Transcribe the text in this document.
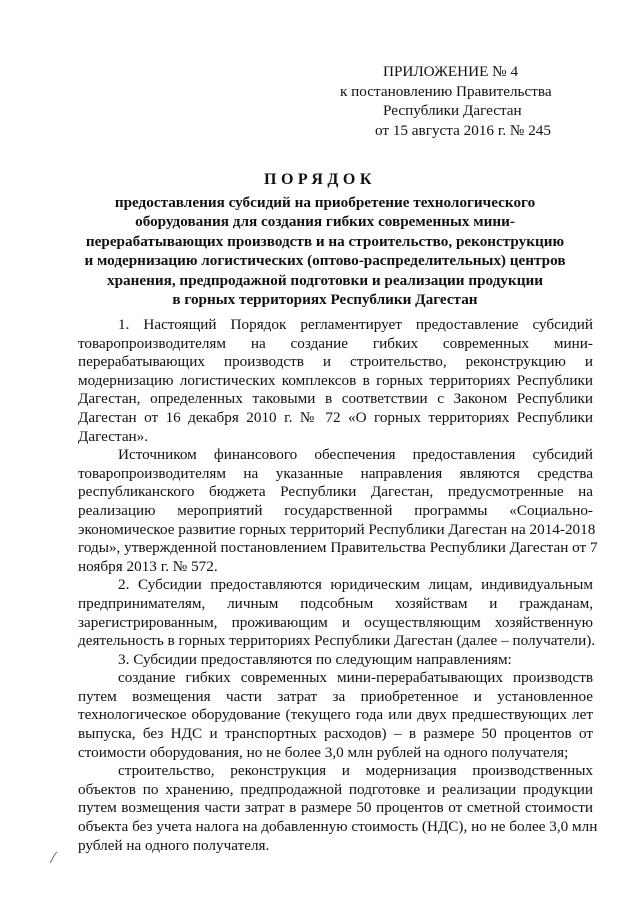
ПРИЛОЖЕНИЕ № 4
к постановлению Правительства
Республики Дагестан
от 15 августа 2016 г. № 245
ПОРЯДОК
предоставления субсидий на приобретение технологического
оборудования для создания гибких современных мини-
перерабатывающих производств и на строительство, реконструкцию
и модернизацию логистических (оптово-распределительных) центров
хранения, предпродажной подготовки и реализации продукции
в горных территориях Республики Дагестан
1. Настоящий Порядок регламентирует предоставление субсидий
товаропроизводителям на создание гибких современных мини-
перерабатывающих производств и строительство, реконструкцию и
модернизацию логистических комплексов в горных территориях Республики
Дагестан, определенных таковыми в соответствии с Законом Республики
Дагестан от 16 декабря 2010 г. № 72 «О горных территориях Республики
Дагестан».
Источником финансового обеспечения предоставления субсидий
товаропроизводителям на указанные направления являются средства
республиканского бюджета Республики Дагестан, предусмотренные на
реализацию мероприятий государственной программы «Социально-
экономическое развитие горных территорий Республики Дагестан на 2014-2018
годы», утвержденной постановлением Правительства Республики Дагестан от 7
ноября 2013 г. № 572.
2. Субсидии предоставляются юридическим лицам, индивидуальным
предпринимателям, личным подсобным хозяйствам и гражданам,
зарегистрированным, проживающим и осуществляющим хозяйственную
деятельность в горных территориях Республики Дагестан (далее – получатели).
3. Субсидии предоставляются по следующим направлениям:
создание гибких современных мини-перерабатывающих производств
путем возмещения части затрат за приобретенное и установленное
технологическое оборудование (текущего года или двух предшествующих лет
выпуска, без НДС и транспортных расходов) – в размере 50 процентов от
стоимости оборудования, но не более 3,0 млн рублей на одного получателя;
строительство, реконструкция и модернизация производственных
объектов по хранению, предпродажной подготовке и реализации продукции
путем возмещения части затрат в размере 50 процентов от сметной стоимости
объекта без учета налога на добавленную стоимость (НДС), но не более 3,0 млн
рублей на одного получателя.
